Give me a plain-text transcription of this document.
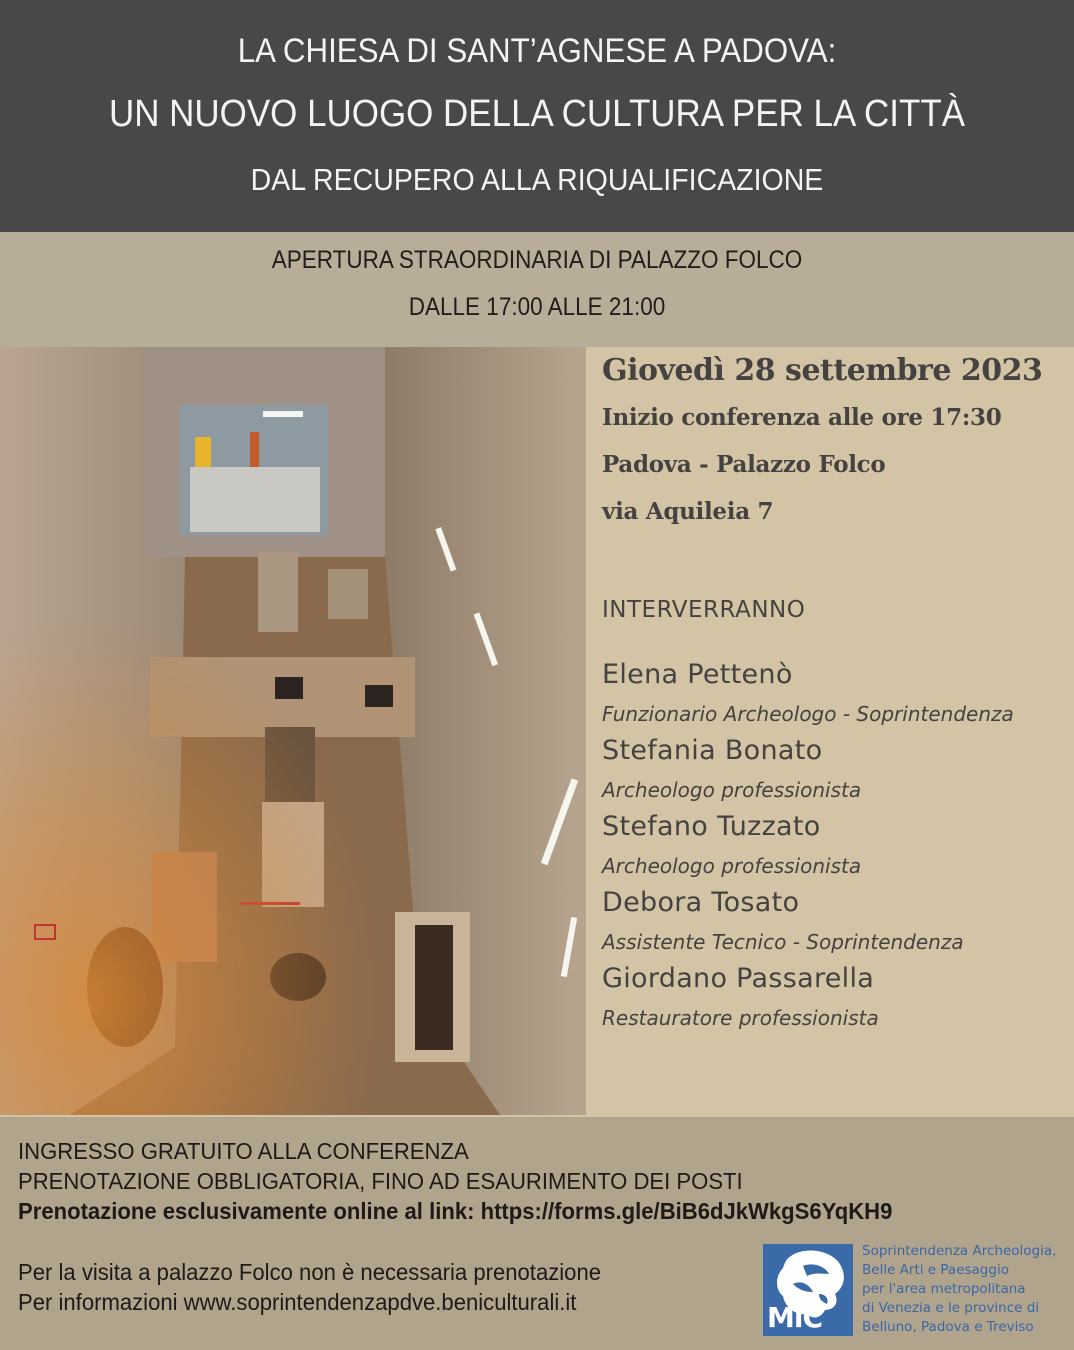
LA CHIESA DI SANT’AGNESE A PADOVA:
UN NUOVO LUOGO DELLA CULTURA PER LA CITTÀ
DAL RECUPERO ALLA RIQUALIFICAZIONE
APERTURA STRAORDINARIA DI PALAZZO FOLCO
DALLE 17:00 ALLE 21:00
Giovedì 28 settembre 2023
Inizio conferenza alle ore 17:30
Padova - Palazzo Folco
via Aquileia 7
INTERVERRANNO
Elena Pettenò
Funzionario Archeologo - Soprintendenza
Stefania Bonato
Archeologo professionista
Stefano Tuzzato
Archeologo professionista
Debora Tosato
Assistente Tecnico - Soprintendenza
Giordano Passarella
Restauratore professionista
INGRESSO GRATUITO ALLA CONFERENZA
PRENOTAZIONE OBBLIGATORIA, FINO AD ESAURIMENTO DEI POSTI
Prenotazione esclusivamente online al link: https://forms.gle/BiB6dJkWkgS6YqKH9
Per la visita a palazzo Folco non è necessaria prenotazione
Per informazioni www.soprintendenzapdve.beniculturali.it	MiC
Soprintendenza Archeologia,
Belle Arti e Paesaggio
per l'area metropolitana
di Venezia e le province di
Belluno, Padova e Treviso
